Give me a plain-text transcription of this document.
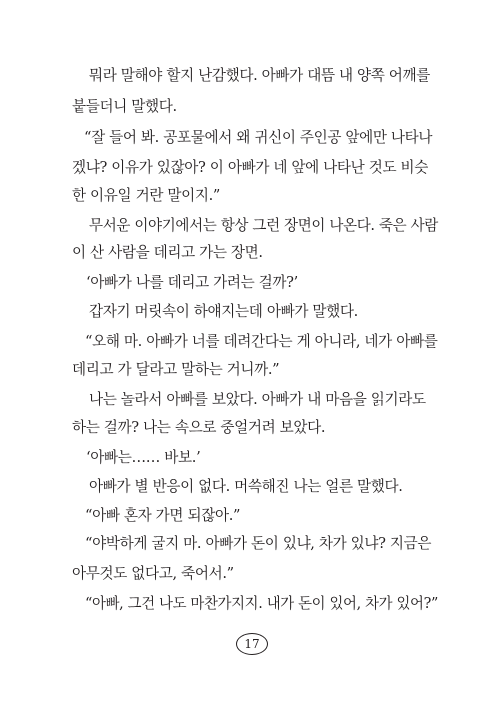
뭐라 말해야 할지 난감했다. 아빠가 대뜸 내 양쪽 어깨를
붙들더니 말했다.
“잘 들어 봐. 공포물에서 왜 귀신이 주인공 앞에만 나타나
겠냐? 이유가 있잖아? 이 아빠가 네 앞에 나타난 것도 비슷
한 이유일 거란 말이지.”
무서운 이야기에서는 항상 그런 장면이 나온다. 죽은 사람
이 산 사람을 데리고 가는 장면.
‘아빠가 나를 데리고 가려는 걸까?’
갑자기 머릿속이 하얘지는데 아빠가 말했다.
“오해 마. 아빠가 너를 데려간다는 게 아니라, 네가 아빠를
데리고 가 달라고 말하는 거니까.”
나는 놀라서 아빠를 보았다. 아빠가 내 마음을 읽기라도
하는 걸까? 나는 속으로 중얼거려 보았다.
‘아빠는…… 바보.’
아빠가 별 반응이 없다. 머쓱해진 나는 얼른 말했다.
“아빠 혼자 가면 되잖아.”
“야박하게 굴지 마. 아빠가 돈이 있냐, 차가 있냐? 지금은
아무것도 없다고, 죽어서.”
“아빠, 그건 나도 마찬가지지. 내가 돈이 있어, 차가 있어?”
17
